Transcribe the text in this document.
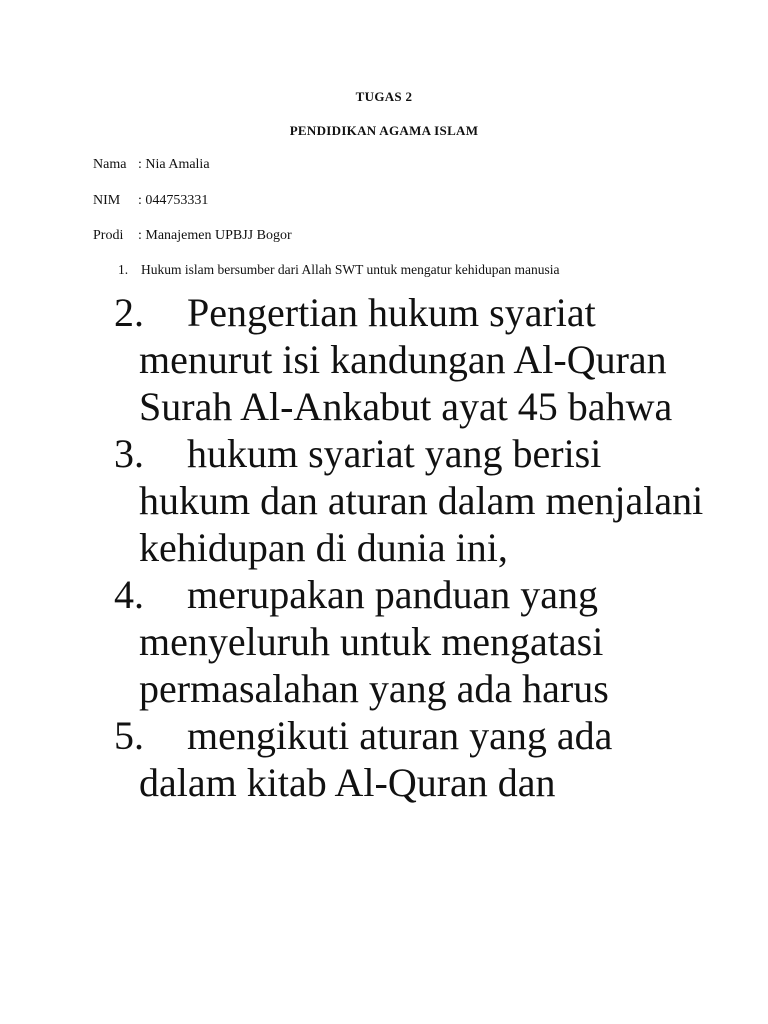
TUGAS 2
PENDIDIKAN AGAMA ISLAM
Nama : Nia Amalia
NIM	: 044753331
Prodi	: Manajemen UPBJJ Bogor
1. Hukum islam bersumber dari Allah SWT untuk mengatur kehidupan manusia
2. Pengertian hukum syariat menurut isi kandungan Al-Quran Surah Al-Ankabut ayat 45 bahwa
3. hukum syariat yang berisi hukum dan aturan dalam menjalani kehidupan di dunia ini,
4. merupakan panduan yang menyeluruh untuk mengatasi permasalahan yang ada harus
5. mengikuti aturan yang ada dalam kitab Al-Quran dan
